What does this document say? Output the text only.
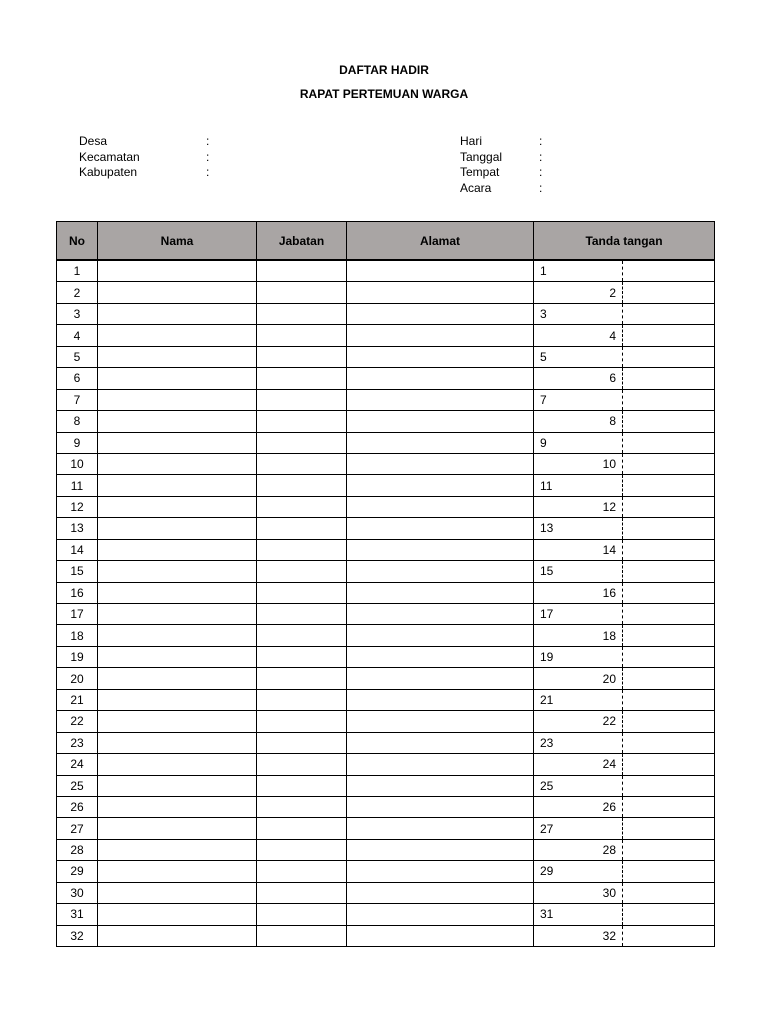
DAFTAR HADIR
RAPAT PERTEMUAN WARGA
Desa	:
Kecamatan	:
Kabupaten	:
Hari	:
Tanggal	:
Tempat	:
Acara	:
No	Nama	Jabatan	Alamat	Tanda tangan	
1				1	
2				2	
3				3	
4				4	
5				5	
6				6	
7				7	
8				8	
9				9	
10				10	
11				11	
12				12	
13				13	
14				14	
15				15	
16				16	
17				17	
18				18	
19				19	
20				20	
21				21	
22				22	
23				23	
24				24	
25				25	
26				26	
27				27	
28				28	
29				29	
30				30	
31				31	
32				32	
